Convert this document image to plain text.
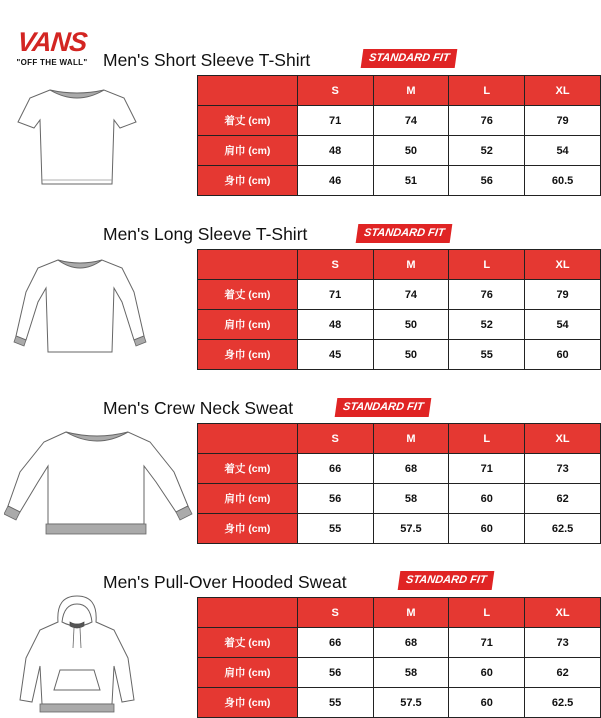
VANS
"OFF THE WALL" Men's Short Sleeve T-Shirt	STANDARD FIT
	S	M	L	XL
着丈 (cm)	71	74	76	79
肩巾 (cm)	48	50	52	54
身巾 (cm)	46	51	56	60.5
Men's Long Sleeve T-Shirt	STANDARD FIT
	S	M	L	XL
着丈 (cm)	71	74	76	79
肩巾 (cm)	48	50	52	54
身巾 (cm)	45	50	55	60
Men's Crew Neck Sweat	STANDARD FIT
	S	M	L	XL
着丈 (cm)	66	68	71	73
肩巾 (cm)	56	58	60	62
身巾 (cm)	55	57.5	60	62.5
Men's Pull-Over Hooded Sweat	STANDARD FIT
	S	M	L	XL
着丈 (cm)	66	68	71	73
肩巾 (cm)	56	58	60	62
身巾 (cm)	55	57.5	60	62.5
